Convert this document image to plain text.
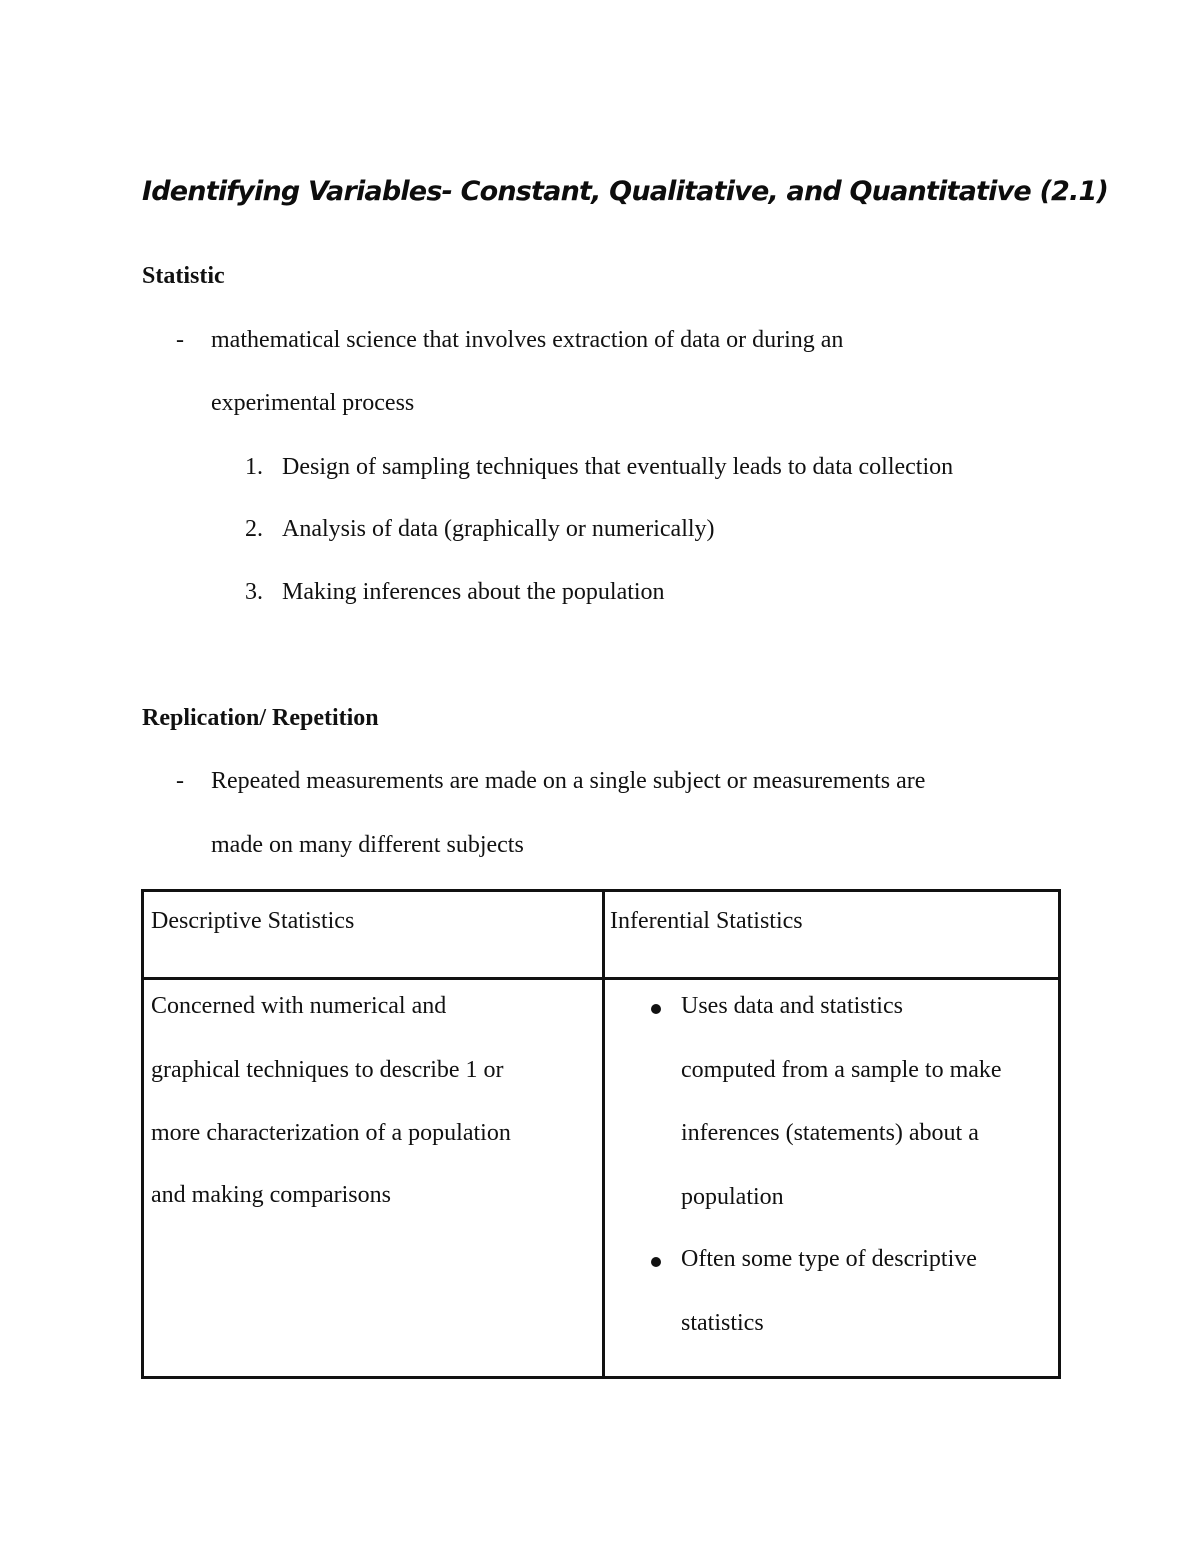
Identifying Variables- Constant, Qualitative, and Quantitative (2.1)
Statistic
- mathematical science that involves extraction of data or during an
experimental process
1. Design of sampling techniques that eventually leads to data collection
2. Analysis of data (graphically or numerically)
3. Making inferences about the population
Replication/ Repetition
- Repeated measurements are made on a single subject or measurements are
made on many different subjects
Descriptive Statistics	Inferential Statistics
Concerned with numerical and
graphical techniques to describe 1 or
more characterization of a population
and making comparisons
Uses data and statistics
computed from a sample to make
inferences (statements) about a
population
Often some type of descriptive
statistics
